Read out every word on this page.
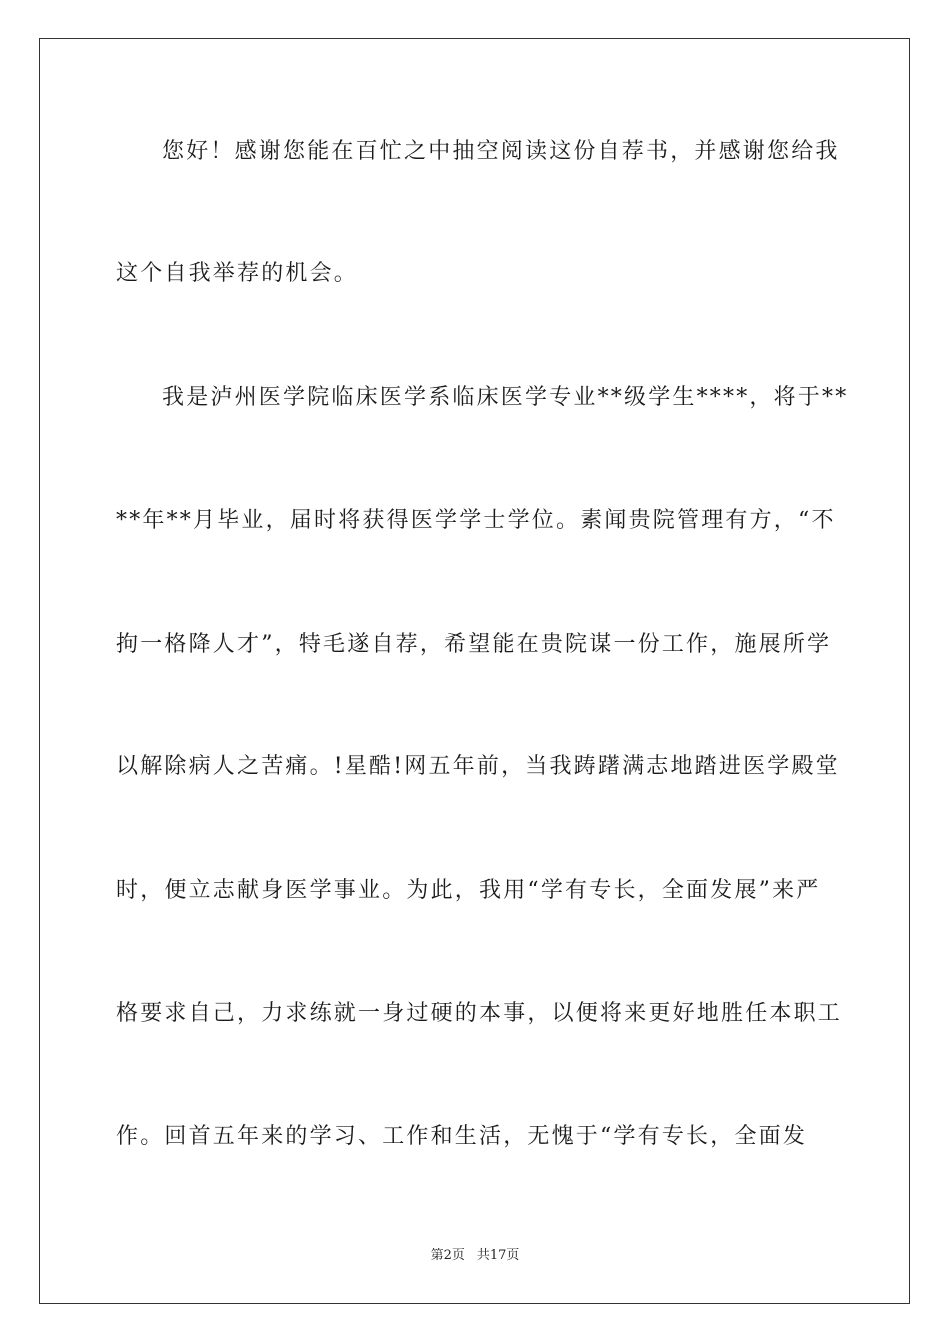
您好！感谢您能在百忙之中抽空阅读这份自荐书，并感谢您给我
这个自我举荐的机会。
我是泸州医学院临床医学系临床医学专业**级学生****，将于**
**年**月毕业，届时将获得医学学士学位。素闻贵院管理有方，“不
拘一格降人才”，特毛遂自荐，希望能在贵院谋一份工作，施展所学
以解除病人之苦痛。!星酷!网五年前，当我踌躇满志地踏进医学殿堂
时，便立志献身医学事业。为此，我用“学有专长，全面发展”来严
格要求自己，力求练就一身过硬的本事，以便将来更好地胜任本职工
作。回首五年来的学习、工作和生活，无愧于“学有专长，全面发
第2页 共17页
